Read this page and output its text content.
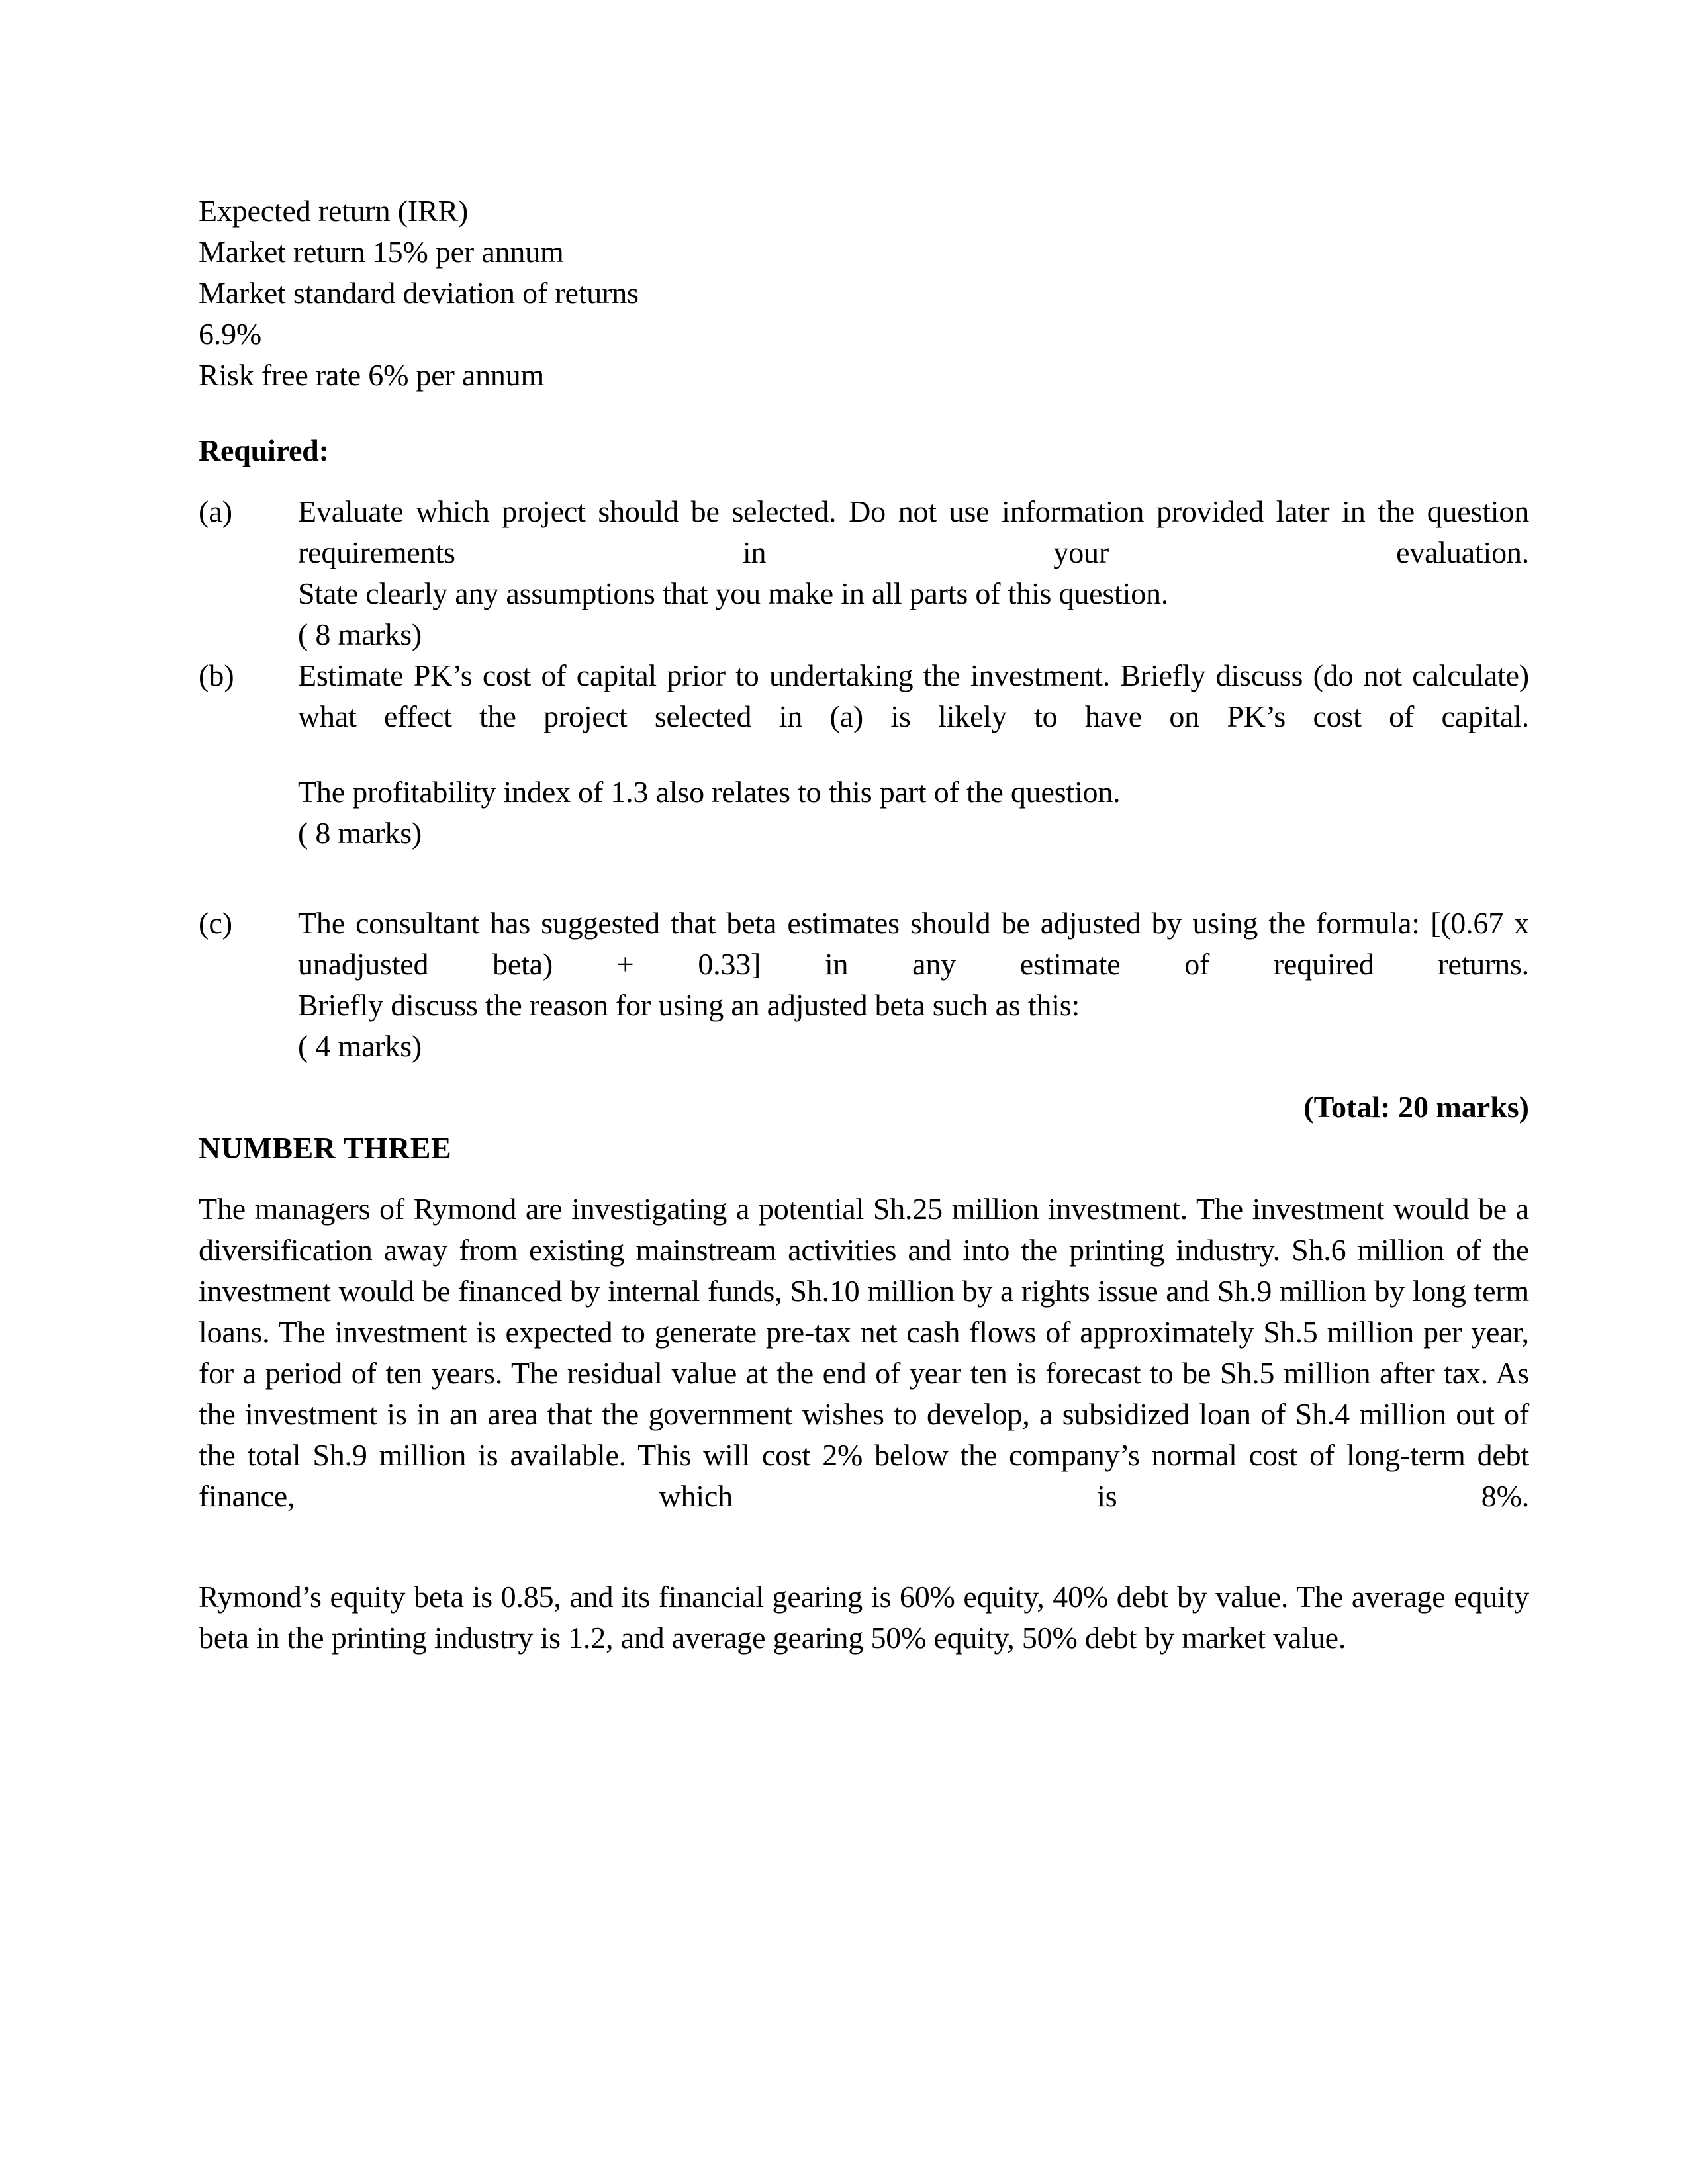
Expected return (IRR)
Market return 15% per annum
Market standard deviation of returns
6.9%
Risk free rate 6% per annum
Required:
(a)	Evaluate which project should be selected. Do not use information provided later in the question requirements in your evaluation.
State clearly any assumptions that you make in all parts of this question.
( 8 marks)
(b)	Estimate PK’s cost of capital prior to undertaking the investment. Briefly discuss (do not calculate) what effect the project selected in (a) is likely to have on PK’s cost of capital.
The profitability index of 1.3 also relates to this part of the question.
( 8 marks)
(c)	The consultant has suggested that beta estimates should be adjusted by using the formula: [(0.67 x unadjusted beta) + 0.33] in any estimate of required returns.
Briefly discuss the reason for using an adjusted beta such as this:
( 4 marks)
(Total: 20 marks)
NUMBER THREE
The managers of Rymond are investigating a potential Sh.25 million investment. The investment would be a diversification away from existing mainstream activities and into the printing industry. Sh.6 million of the investment would be financed by internal funds, Sh.10 million by a rights issue and Sh.9 million by long term loans. The investment is expected to generate pre-tax net cash flows of approximately Sh.5 million per year, for a period of ten years. The residual value at the end of year ten is forecast to be Sh.5 million after tax. As the investment is in an area that the government wishes to develop, a subsidized loan of Sh.4 million out of the total Sh.9 million is available. This will cost 2% below the company’s normal cost of long-term debt finance, which is 8%.
Rymond’s equity beta is 0.85, and its financial gearing is 60% equity, 40% debt by value. The average equity beta in the printing industry is 1.2, and average gearing 50% equity, 50% debt by market value.
